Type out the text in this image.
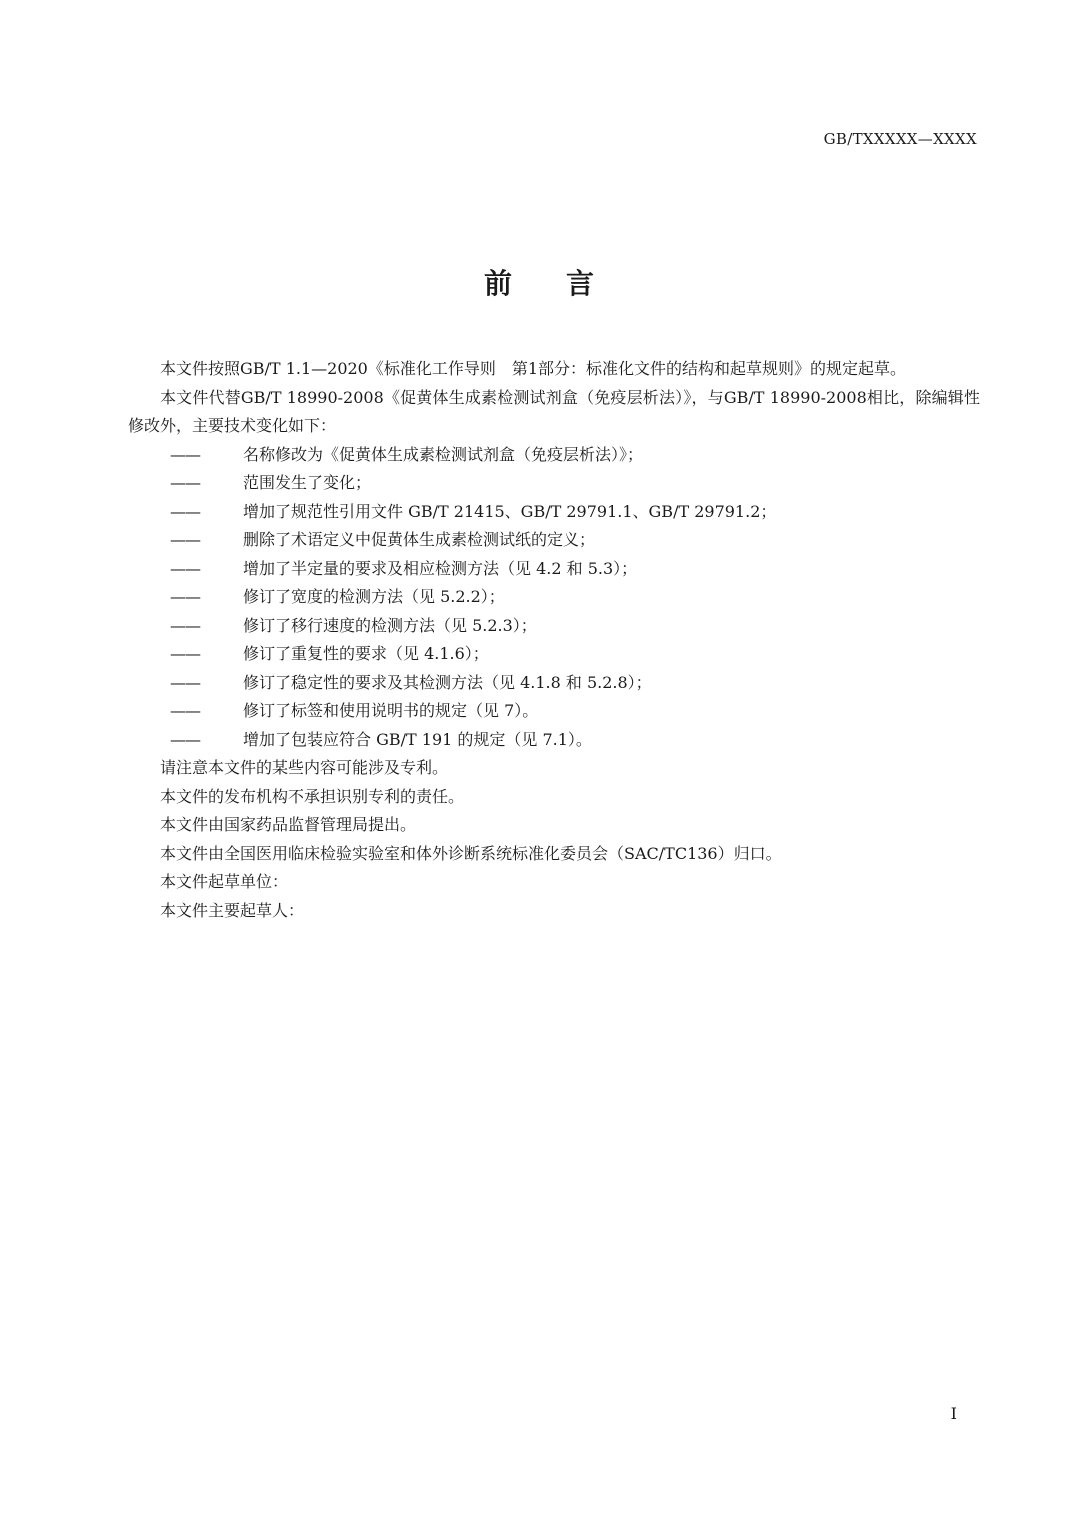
GB/TXXXXX—XXXX
前 言

本文件按照GB/T 1.1—2020《标准化工作导则　第1部分：标准化文件的结构和起草规则》的规定起草。

本文件代替GB/T 18990-2008《促黄体生成素检测试剂盒（免疫层析法）》，与GB/T 18990-2008相比，除编辑性修改外，主要技术变化如下：

——	名称修改为《促黄体生成素检测试剂盒（免疫层析法）》；

——	范围发生了变化；

——	增加了规范性引用文件 GB/T 21415、GB/T 29791.1、GB/T 29791.2；

——	删除了术语定义中促黄体生成素检测试纸的定义；

——	增加了半定量的要求及相应检测方法（见 4.2 和 5.3）；

——	修订了宽度的检测方法（见 5.2.2）；

——	修订了移行速度的检测方法（见 5.2.3）；

——	修订了重复性的要求（见 4.1.6）；

——	修订了稳定性的要求及其检测方法（见 4.1.8 和 5.2.8）；

——	修订了标签和使用说明书的规定（见 7）。

——	增加了包装应符合 GB/T 191 的规定（见 7.1）。

请注意本文件的某些内容可能涉及专利。

本文件的发布机构不承担识别专利的责任。

本文件由国家药品监督管理局提出。

本文件由全国医用临床检验实验室和体外诊断系统标准化委员会（SAC/TC136）归口。

本文件起草单位：

本文件主要起草人：

I
